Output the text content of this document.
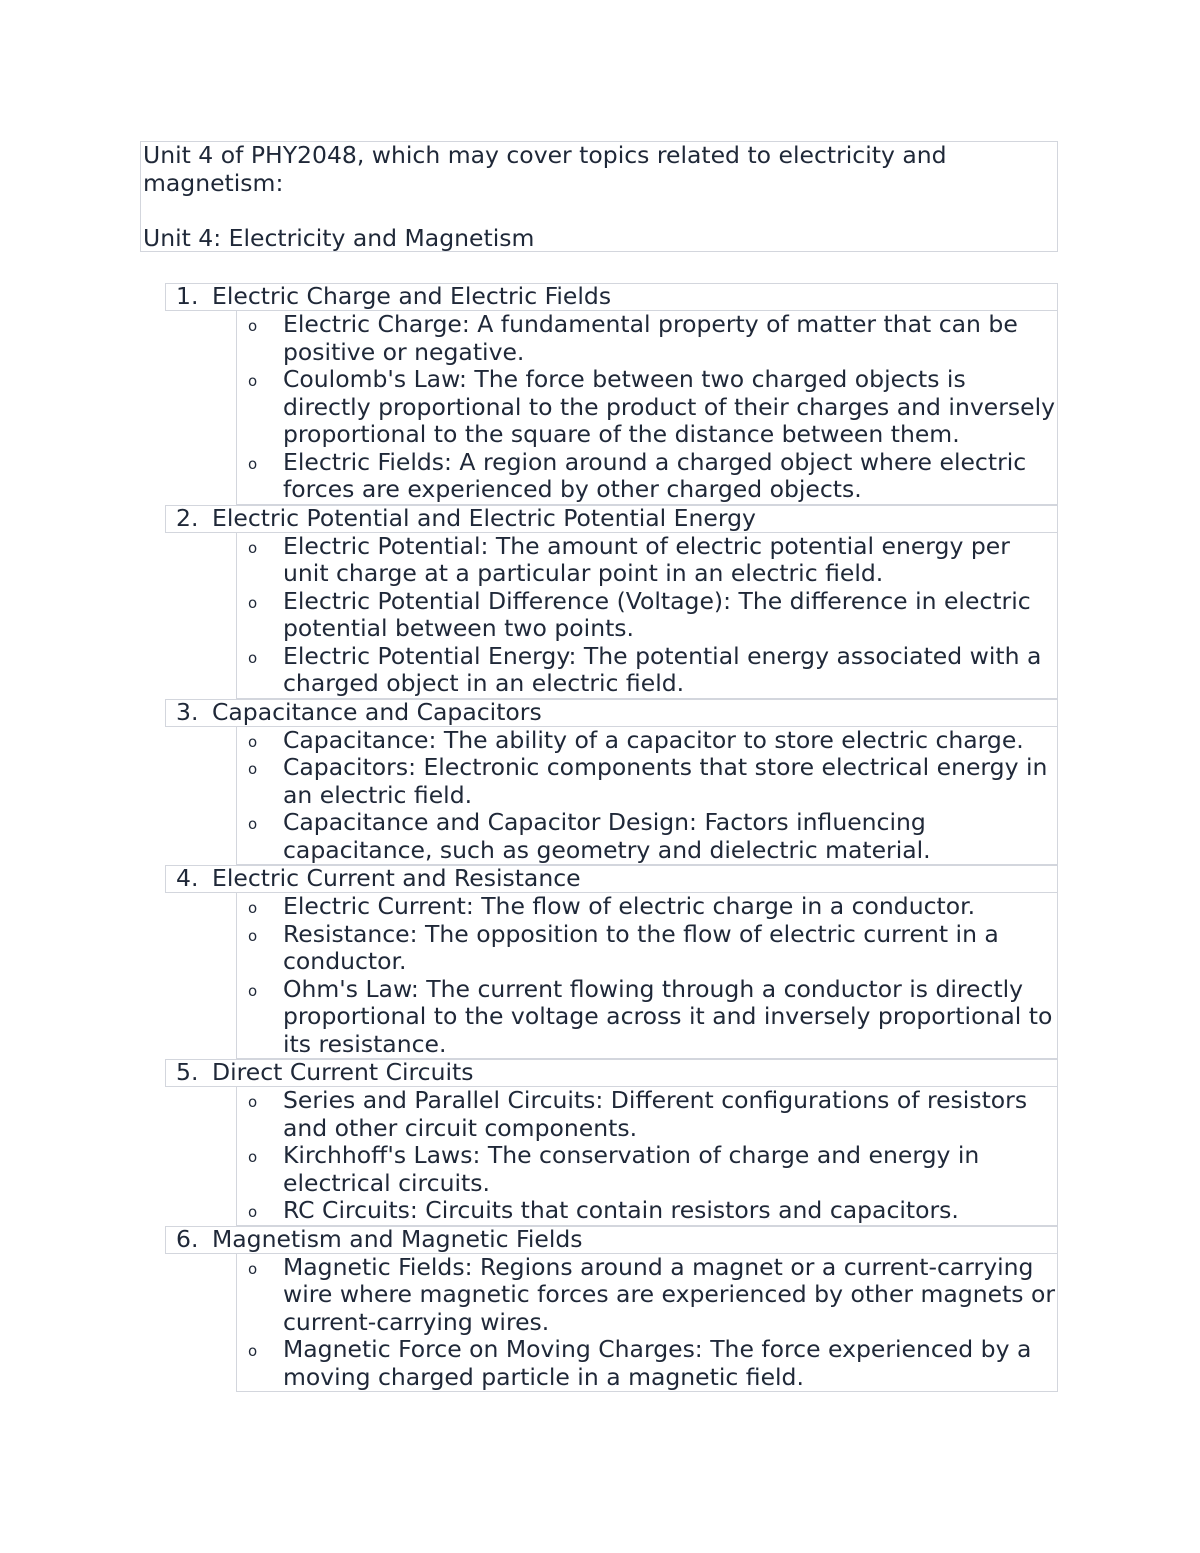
Unit 4 of PHY2048, which may cover topics related to electricity and

magnetism:

Unit 4: Electricity and Magnetism

1. Electric Charge and Electric Fields
o Electric Charge: A fundamental property of matter that can be
positive or negative.
o Coulomb's Law: The force between two charged objects is
directly proportional to the product of their charges and inversely
proportional to the square of the distance between them.
o Electric Fields: A region around a charged object where electric
forces are experienced by other charged objects.
2. Electric Potential and Electric Potential Energy
o Electric Potential: The amount of electric potential energy per
unit charge at a particular point in an electric field.
o Electric Potential Difference (Voltage): The difference in electric
potential between two points.
o Electric Potential Energy: The potential energy associated with a
charged object in an electric field.
3. Capacitance and Capacitors
o Capacitance: The ability of a capacitor to store electric charge.
o Capacitors: Electronic components that store electrical energy in
an electric field.
o Capacitance and Capacitor Design: Factors influencing
capacitance, such as geometry and dielectric material.
4. Electric Current and Resistance
o Electric Current: The flow of electric charge in a conductor.
o Resistance: The opposition to the flow of electric current in a
conductor.
o Ohm's Law: The current flowing through a conductor is directly
proportional to the voltage across it and inversely proportional to
its resistance.
5. Direct Current Circuits
o Series and Parallel Circuits: Different configurations of resistors
and other circuit components.
o Kirchhoff's Laws: The conservation of charge and energy in
electrical circuits.
o RC Circuits: Circuits that contain resistors and capacitors.
6. Magnetism and Magnetic Fields
o Magnetic Fields: Regions around a magnet or a current-carrying
wire where magnetic forces are experienced by other magnets or
current-carrying wires.
o Magnetic Force on Moving Charges: The force experienced by a
moving charged particle in a magnetic field.
